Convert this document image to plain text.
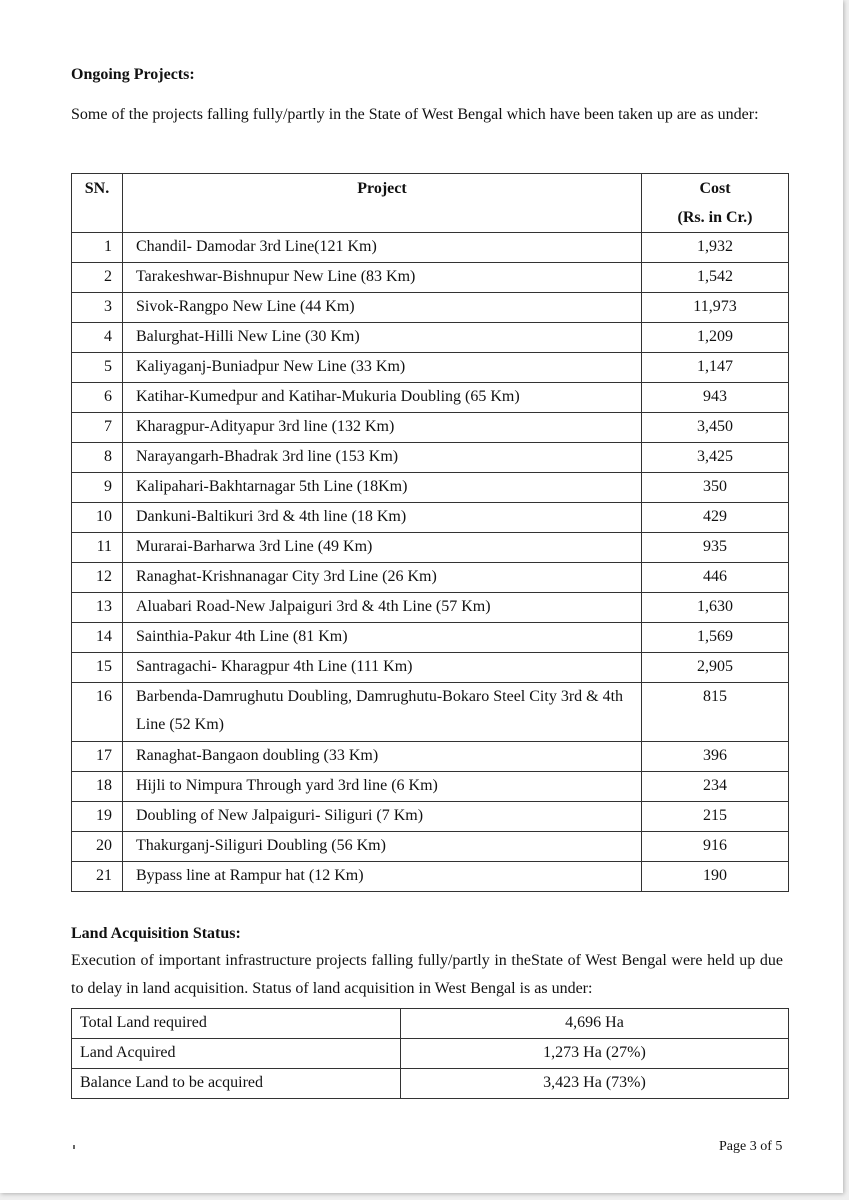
Ongoing Projects:

Some of the projects falling fully/partly in the State of West Bengal which have been taken up are as under:

SN.	Project	Cost
(Rs. in Cr.)
1	Chandil- Damodar 3rd Line(121 Km)	1,932
2	Tarakeshwar-Bishnupur New Line (83 Km)	1,542
3	Sivok-Rangpo New Line (44 Km)	11,973
4	Balurghat-Hilli New Line (30 Km)	1,209
5	Kaliyaganj-Buniadpur New Line (33 Km)	1,147
6	Katihar-Kumedpur and Katihar-Mukuria Doubling (65 Km)	943
7	Kharagpur-Adityapur 3rd line (132 Km)	3,450
8	Narayangarh-Bhadrak 3rd line (153 Km)	3,425
9	Kalipahari-Bakhtarnagar 5th Line (18Km)	350
10	Dankuni-Baltikuri 3rd & 4th line (18 Km)	429
11	Murarai-Barharwa 3rd Line (49 Km)	935
12	Ranaghat-Krishnanagar City 3rd Line (26 Km)	446
13	Aluabari Road-New Jalpaiguri 3rd & 4th Line (57 Km)	1,630
14	Sainthia-Pakur 4th Line (81 Km)	1,569
15	Santragachi- Kharagpur 4th Line (111 Km)	2,905
16	Barbenda-Damrughutu Doubling, Damrughutu-Bokaro Steel City 3rd & 4th Line (52 Km)	815
17	Ranaghat-Bangaon doubling (33 Km)	396
18	Hijli to Nimpura Through yard 3rd line (6 Km)	234
19	Doubling of New Jalpaiguri- Siliguri (7 Km)	215
20	Thakurganj-Siliguri Doubling (56 Km)	916
21	Bypass line at Rampur hat (12 Km)	190
Land Acquisition Status:

Execution of important infrastructure projects falling fully/partly in theState of West Bengal were held up due to delay in land acquisition. Status of land acquisition in West Bengal is as under:

Total Land required	4,696 Ha
Land Acquired	1,273 Ha (27%)
Balance Land to be acquired	3,423 Ha (73%)

Page 3 of 5
